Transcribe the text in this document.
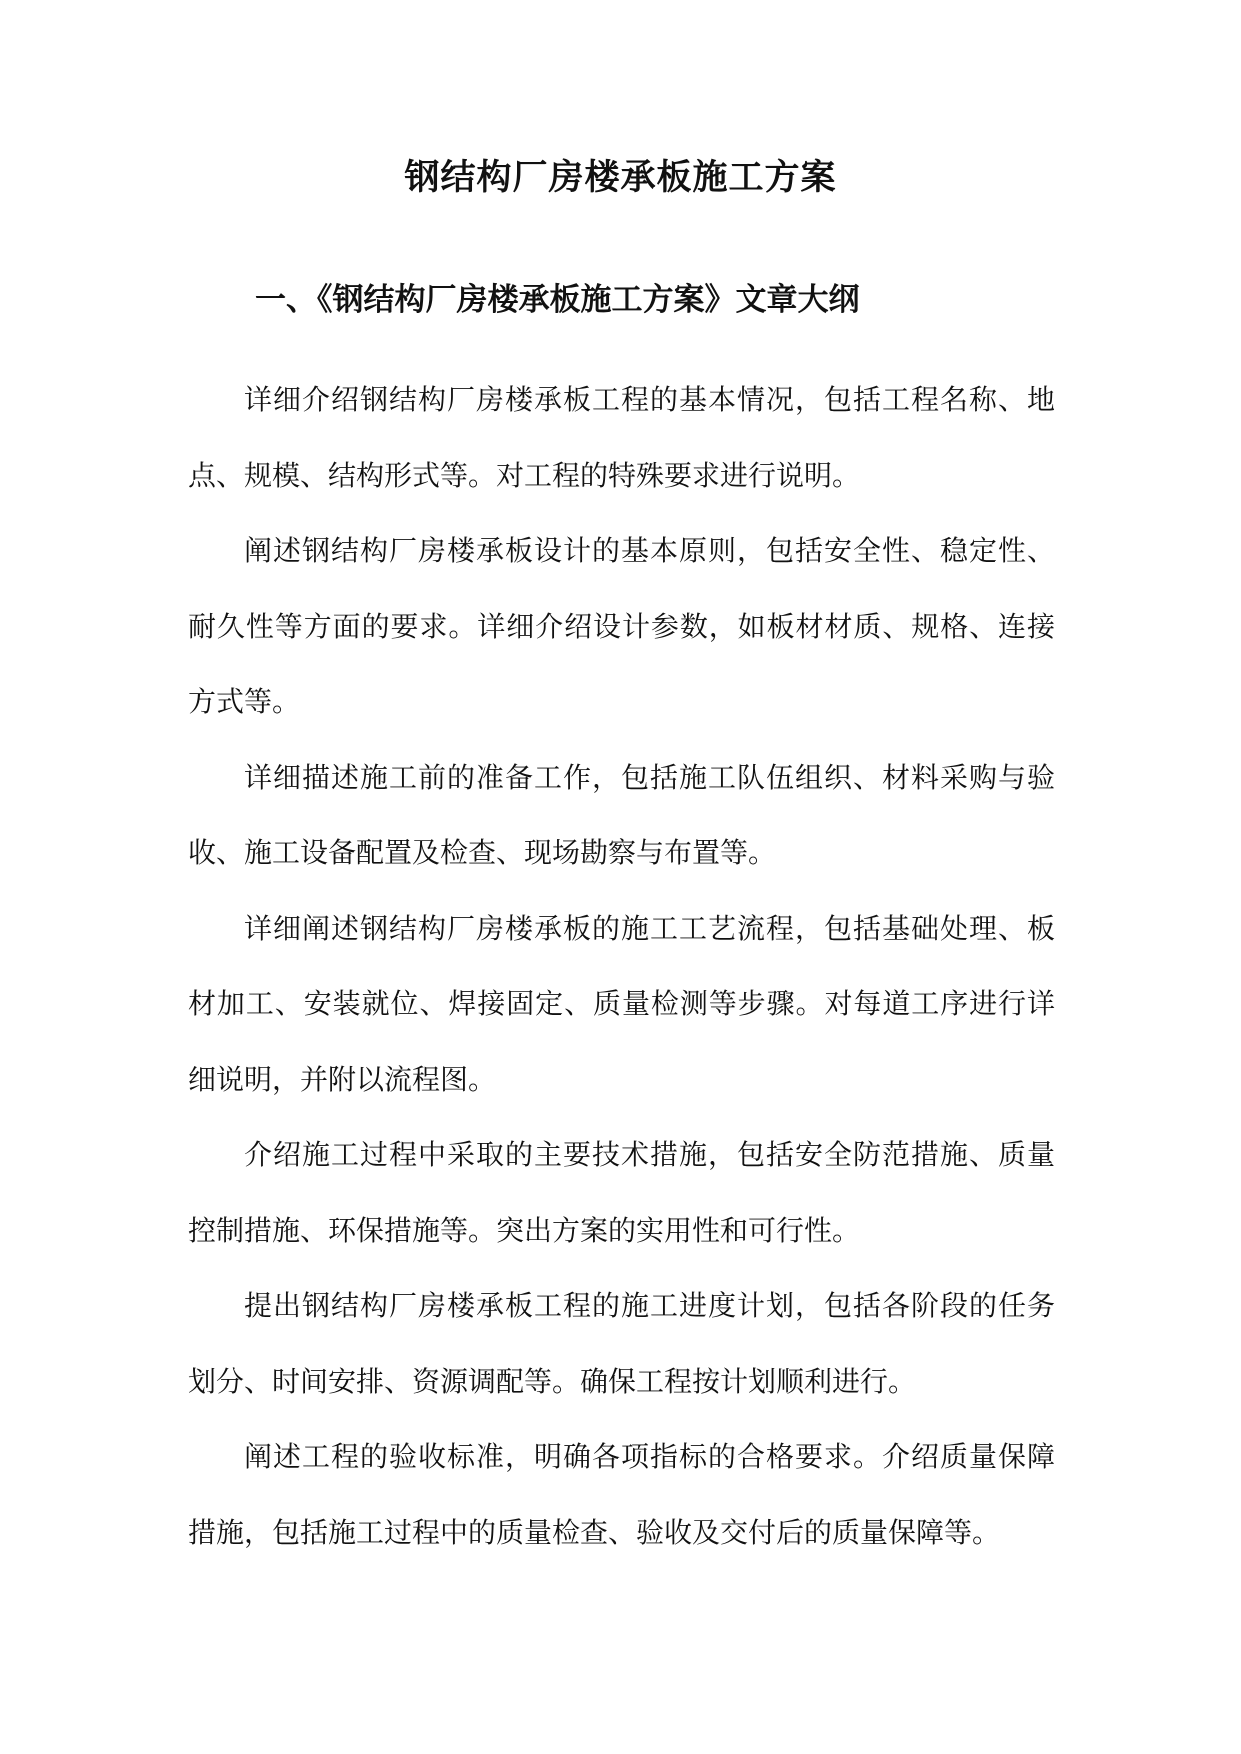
钢结构厂房楼承板施工方案
一、《钢结构厂房楼承板施工方案》文章大纲

详细介绍钢结构厂房楼承板工程的基本情况，包括工程名称、地点、规模、结构形式等。对工程的特殊要求进行说明。

阐述钢结构厂房楼承板设计的基本原则，包括安全性、稳定性、耐久性等方面的要求。详细介绍设计参数，如板材材质、规格、连接方式等。

详细描述施工前的准备工作，包括施工队伍组织、材料采购与验收、施工设备配置及检查、现场勘察与布置等。

详细阐述钢结构厂房楼承板的施工工艺流程，包括基础处理、板材加工、安装就位、焊接固定、质量检测等步骤。对每道工序进行详细说明，并附以流程图。

介绍施工过程中采取的主要技术措施，包括安全防范措施、质量控制措施、环保措施等。突出方案的实用性和可行性。

提出钢结构厂房楼承板工程的施工进度计划，包括各阶段的任务划分、时间安排、资源调配等。确保工程按计划顺利进行。

阐述工程的验收标准，明确各项指标的合格要求。介绍质量保障措施，包括施工过程中的质量检查、验收及交付后的质量保障等。
